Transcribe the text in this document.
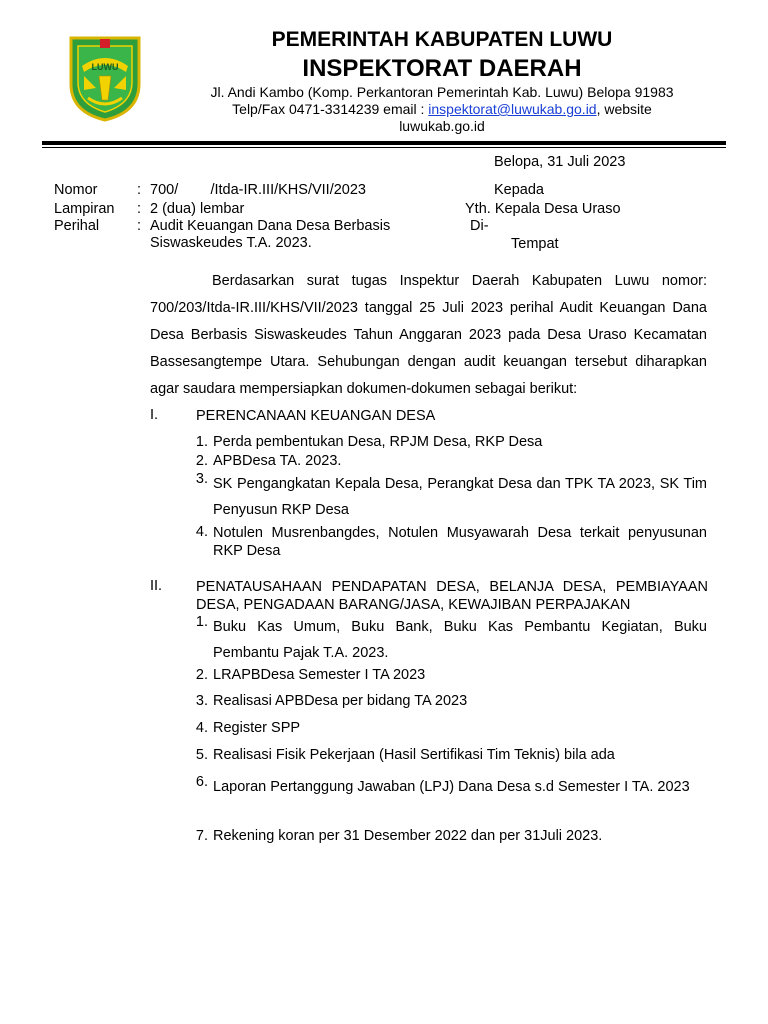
LUWU
PEMERINTAH KABUPATEN LUWU
INSPEKTORAT DAERAH
Jl. Andi Kambo (Komp. Perkantoran Pemerintah Kab. Luwu) Belopa 91983
Telp/Fax 0471-3314239 email : inspektorat@luwukab.go.id, website
luwukab.go.id
Belopa, 31 Juli 2023
Nomor	: 700/        /Itda-IR.III/KHS/VII/2023
Lampiran : 2 (dua) lembar
Perihal	: Audit Keuangan Dana Desa Berbasis
Siswaskeudes T.A. 2023.
Kepada
Yth. Kepala Desa Uraso
Di-
Tempat
Berdasarkan surat tugas Inspektur Daerah Kabupaten Luwu nomor: 700/203/Itda-IR.III/KHS/VII/2023 tanggal 25 Juli 2023 perihal Audit Keuangan Dana Desa Berbasis Siswaskeudes Tahun Anggaran 2023 pada Desa Uraso Kecamatan Bassesangtempe Utara. Sehubungan dengan audit keuangan tersebut diharapkan agar saudara mempersiapkan dokumen-dokumen sebagai berikut:
I.	PERENCANAAN KEUANGAN DESA
1. Perda pembentukan Desa, RPJM Desa, RKP Desa
2. APBDesa TA. 2023.
3. SK Pengangkatan Kepala Desa, Perangkat Desa dan TPK TA 2023, SK Tim Penyusun RKP Desa
4. Notulen Musrenbangdes, Notulen Musyawarah Desa terkait penyusunan RKP Desa
II. PENATAUSAHAAN PENDAPATAN DESA, BELANJA DESA, PEMBIAYAAN DESA, PENGADAAN BARANG/JASA, KEWAJIBAN PERPAJAKAN
1. Buku Kas Umum, Buku Bank, Buku Kas Pembantu Kegiatan, Buku Pembantu Pajak T.A. 2023.
2. LRAPBDesa Semester I TA 2023
3. Realisasi APBDesa per bidang TA 2023
4. Register SPP
5. Realisasi Fisik Pekerjaan (Hasil Sertifikasi Tim Teknis) bila ada
6. Laporan Pertanggung Jawaban (LPJ) Dana Desa s.d Semester I TA. 2023
7. Rekening koran per 31 Desember 2022 dan per 31Juli 2023.
